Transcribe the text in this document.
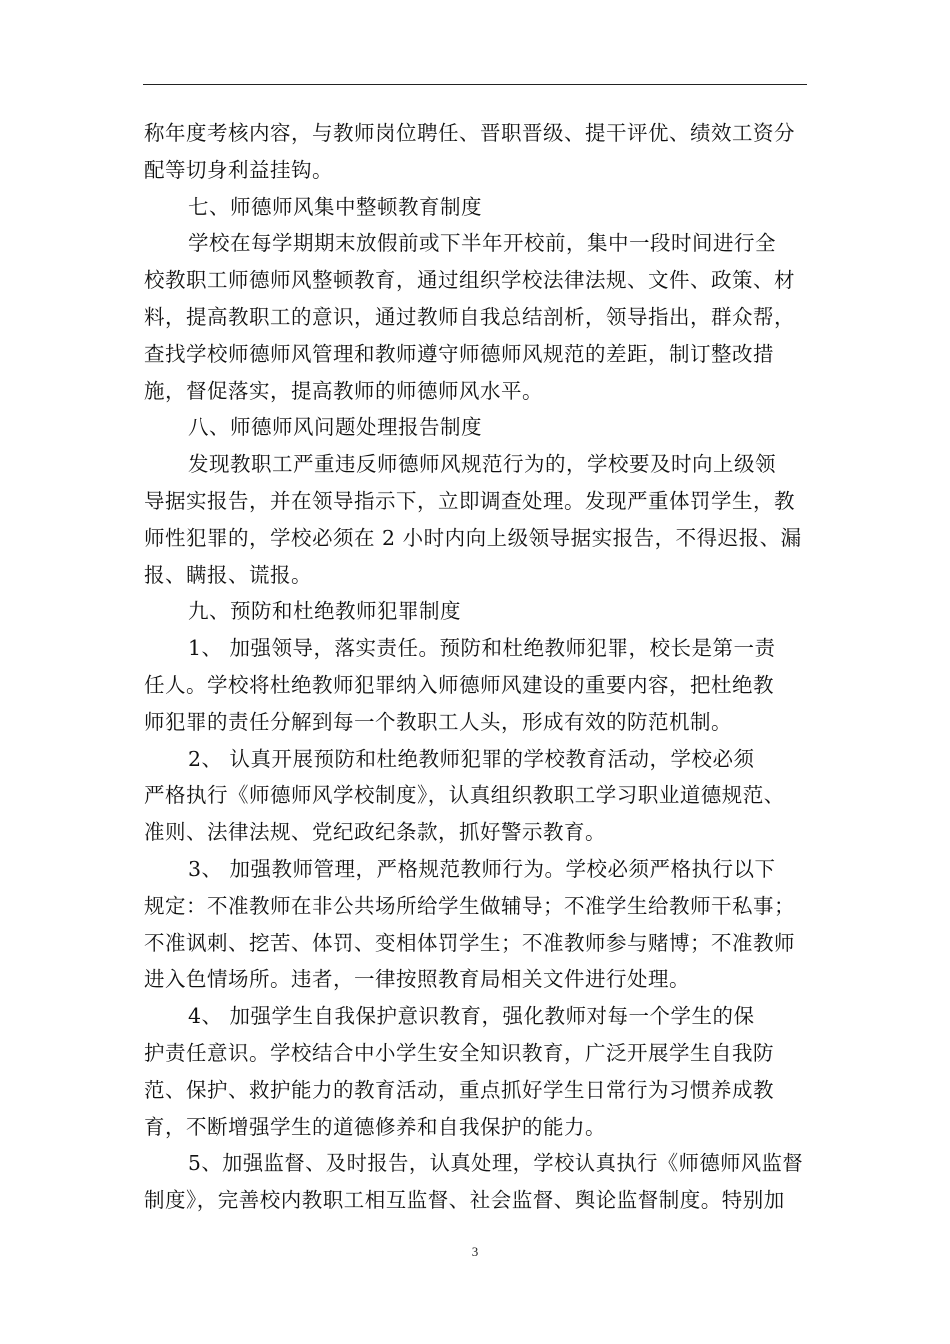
称年度考核内容，与教师岗位聘任、晋职晋级、提干评优、绩效工资分
配等切身利益挂钩。
七、师德师风集中整顿教育制度
学校在每学期期末放假前或下半年开校前，集中一段时间进行全
校教职工师德师风整顿教育，通过组织学校法律法规、文件、政策、材
料，提高教职工的意识，通过教师自我总结剖析，领导指出，群众帮，
查找学校师德师风管理和教师遵守师德师风规范的差距，制订整改措
施，督促落实，提高教师的师德师风水平。
八、师德师风问题处理报告制度
发现教职工严重违反师德师风规范行为的，学校要及时向上级领
导据实报告，并在领导指示下，立即调查处理。发现严重体罚学生，教
师性犯罪的，学校必须在 2 小时内向上级领导据实报告，不得迟报、漏
报、瞒报、谎报。
九、预防和杜绝教师犯罪制度
1、 加强领导，落实责任。预防和杜绝教师犯罪，校长是第一责
任人。学校将杜绝教师犯罪纳入师德师风建设的重要内容，把杜绝教
师犯罪的责任分解到每一个教职工人头，形成有效的防范机制。
2、 认真开展预防和杜绝教师犯罪的学校教育活动，学校必须
严格执行《师德师风学校制度》，认真组织教职工学习职业道德规范、
准则、法律法规、党纪政纪条款，抓好警示教育。
3、 加强教师管理，严格规范教师行为。学校必须严格执行以下
规定：不准教师在非公共场所给学生做辅导；不准学生给教师干私事；
不准讽刺、挖苦、体罚、变相体罚学生；不准教师参与赌博；不准教师
进入色情场所。违者，一律按照教育局相关文件进行处理。
4、 加强学生自我保护意识教育，强化教师对每一个学生的保
护责任意识。学校结合中小学生安全知识教育，广泛开展学生自我防
范、保护、救护能力的教育活动，重点抓好学生日常行为习惯养成教
育，不断增强学生的道德修养和自我保护的能力。
5、加强监督、及时报告，认真处理，学校认真执行《师德师风监督
制度》，完善校内教职工相互监督、社会监督、舆论监督制度。特别加
3
